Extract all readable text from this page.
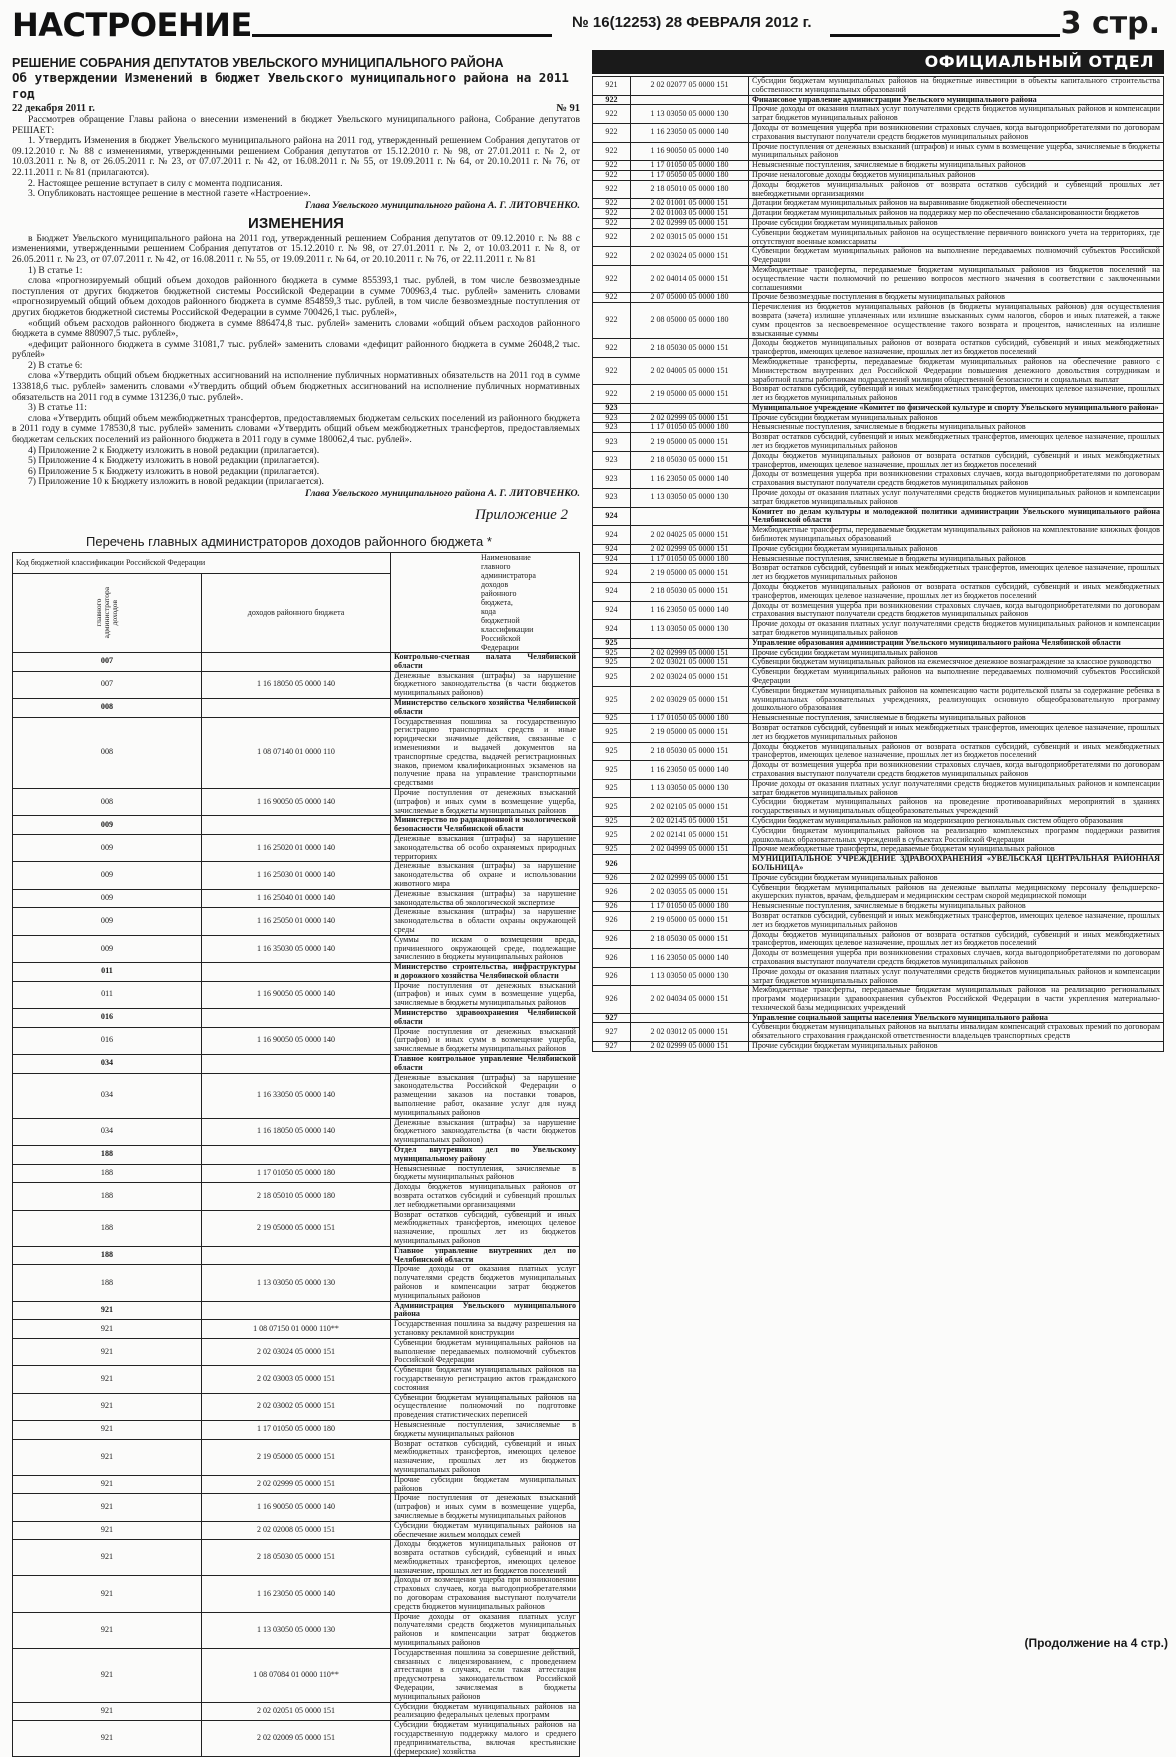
НАСТРОЕНИЕ	№ 16(12253) 28 ФЕВРАЛЯ 2012 г.	3 стр.
РЕШЕНИЕ СОБРАНИЯ ДЕПУТАТОВ УВЕЛЬСКОГО МУНИЦИПАЛЬНОГО РАЙОНА
Об утверждении Изменений в бюджет Увельского муниципального района на 2011 год
22 декабря 2011 г.	№ 91

Рассмотрев обращение Главы района о внесении изменений в бюджет Увельского муниципального района, Собрание депутатов РЕШАЕТ:

1. Утвердить Изменения в бюджет Увельского муниципального района на 2011 год, утвержденный решением Собрания депутатов от 09.12.2010 г. № 88 с изменениями, утвержденными решением Собрания депутатов от 15.12.2010 г. № 98, от 27.01.2011 г. № 2, от 10.03.2011 г. № 8, от 26.05.2011 г. № 23, от 07.07.2011 г. № 42, от 16.08.2011 г. № 55, от 19.09.2011 г. № 64, от 20.10.2011 г. № 76, от 22.11.2011 г. № 81 (прилагаются).

2. Настоящее решение вступает в силу с момента подписания.

3. Опубликовать настоящее решение в местной газете «Настроение».

Глава Увельского муниципального района А. Г. ЛИТОВЧЕНКО.
ИЗМЕНЕНИЯ

в Бюджет Увельского муниципального района на 2011 год, утвержденный решением Собрания депутатов от 09.12.2010 г. № 88 с изменениями, утвержденными решением Собрания депутатов от 15.12.2010 г. № 98, от 27.01.2011 г. № 2, от 10.03.2011 г. № 8, от 26.05.2011 г. № 23, от 07.07.2011 г. № 42, от 16.08.2011 г. № 55, от 19.09.2011 г. № 64, от 20.10.2011 г. № 76, от 22.11.2011 г. № 81

1) В статье 1:

слова «прогнозируемый общий объем доходов районного бюджета в сумме 855393,1 тыс. рублей, в том числе безвозмездные поступления от других бюджетов бюджетной системы Российской Федерации в сумме 700963,4 тыс. рублей» заменить словами «прогнозируемый общий объем доходов районного бюджета в сумме 854859,3 тыс. рублей, в том числе безвозмездные поступления от других бюджетов бюджетной системы Российской Федерации в сумме 700426,1 тыс. рублей»,

«общий объем расходов районного бюджета в сумме 886474,8 тыс. рублей» заменить словами «общий объем расходов районного бюджета в сумме 880907,5 тыс. рублей»,

«дефицит районного бюджета в сумме 31081,7 тыс. рублей» заменить словами «дефицит районного бюджета в сумме 26048,2 тыс. рублей»

2) В статье 6:

слова «Утвердить общий объем бюджетных ассигнований на исполнение публичных нормативных обязательств на 2011 год в сумме 133818,6 тыс. рублей» заменить словами «Утвердить общий объем бюджетных ассигнований на исполнение публичных нормативных обязательств на 2011 год в сумме 131236,0 тыс. рублей».

3) В статье 11:

слова «Утвердить общий объем межбюджетных трансфертов, предоставляемых бюджетам сельских поселений из районного бюджета в 2011 году в сумме 178530,8 тыс. рублей» заменить словами «Утвердить общий объем межбюджетных трансфертов, предоставляемых бюджетам сельских поселений из районного бюджета в 2011 году в сумме 180062,4 тыс. рублей».

4) Приложение 2 к Бюджету изложить в новой редакции (прилагается).

5) Приложение 4 к Бюджету изложить в новой редакции (прилагается).

6) Приложение 5 к Бюджету изложить в новой редакции (прилагается).

7) Приложение 10 к Бюджету изложить в новой редакции (прилагается).

Глава Увельского муниципального района А. Г. ЛИТОВЧЕНКО.
Приложение 2
Перечень главных администраторов доходов районного бюджета *
Код бюджетной классификации Российской Федерации		Наименование главного администратора доходов районного бюджета, кода бюджетной классификации Российской Федерации
главного администратора доходов	доходов районного бюджета	
007		Контрольно-счетная палата Челябинской области
007	1 16 18050 05 0000 140	Денежные взыскания (штрафы) за нарушение бюджетного законодательства (в части бюджетов муниципальных районов)
008		Министерство сельского хозяйства Челябинской области
008	1 08 07140 01 0000 110	Государственная пошлина за государственную регистрацию транспортных средств и иные юридически значимые действия, связанные с изменениями и выдачей документов на транспортные средства, выдачей регистрационных знаков, приемом квалификационных экзаменов на получение права на управление транспортными средствами
008	1 16 90050 05 0000 140	Прочие поступления от денежных взысканий (штрафов) и иных сумм в возмещение ущерба, зачисляемые в бюджеты муниципальных районов
009		Министерство по радиационной и экологической безопасности Челябинской области
009	1 16 25020 01 0000 140	Денежные взыскания (штрафы) за нарушение законодательства об особо охраняемых природных территориях
009	1 16 25030 01 0000 140	Денежные взыскания (штрафы) за нарушение законодательства об охране и использовании животного мира
009	1 16 25040 01 0000 140	Денежные взыскания (штрафы) за нарушение законодательства об экологической экспертизе
009	1 16 25050 01 0000 140	Денежные взыскания (штрафы) за нарушение законодательства в области охраны окружающей среды
009	1 16 35030 05 0000 140	Суммы по искам о возмещении вреда, причиненного окружающей среде, подлежащие зачислению в бюджеты муниципальных районов
011		Министерство строительства, инфраструктуры и дорожного хозяйства Челябинской области
011	1 16 90050 05 0000 140	Прочие поступления от денежных взысканий (штрафов) и иных сумм в возмещение ущерба, зачисляемые в бюджеты муниципальных районов
016		Министерство здравоохранения Челябинской области
016	1 16 90050 05 0000 140	Прочие поступления от денежных взысканий (штрафов) и иных сумм в возмещение ущерба, зачисляемые в бюджеты муниципальных районов
034		Главное контрольное управление Челябинской области
034	1 16 33050 05 0000 140	Денежные взыскания (штрафы) за нарушение законодательства Российской Федерации о размещении заказов на поставки товаров, выполнение работ, оказание услуг для нужд муниципальных районов
034	1 16 18050 05 0000 140	Денежные взыскания (штрафы) за нарушение бюджетного законодательства (в части бюджетов муниципальных районов)
188		Отдел внутренних дел по Увельскому муниципальному району
188	1 17 01050 05 0000 180	Невыясненные поступления, зачисляемые в бюджеты муниципальных районов
188	2 18 05010 05 0000 180	Доходы бюджетов муниципальных районов от возврата остатков субсидий и субвенций прошлых лет небюджетными организациями
188	2 19 05000 05 0000 151	Возврат остатков субсидий, субвенций и иных межбюджетных трансфертов, имеющих целевое назначение, прошлых лет из бюджетов муниципальных районов
188		Главное управление внутренних дел по Челябинской области
188	1 13 03050 05 0000 130	Прочие доходы от оказания платных услуг получателями средств бюджетов муниципальных районов и компенсации затрат бюджетов муниципальных районов
921		Администрация Увельского муниципального района
921	1 08 07150 01 0000 110**	Государственная пошлина за выдачу разрешения на установку рекламной конструкции
921	2 02 03024 05 0000 151	Субвенции бюджетам муниципальных районов на выполнение передаваемых полномочий субъектов Российской Федерации
921	2 02 03003 05 0000 151	Субвенции бюджетам муниципальных районов на государственную регистрацию актов гражданского состояния
921	2 02 03002 05 0000 151	Субвенции бюджетам муниципальных районов на осуществление полномочий по подготовке проведения статистических переписей
921	1 17 01050 05 0000 180	Невыясненные поступления, зачисляемые в бюджеты муниципальных районов
921	2 19 05000 05 0000 151	Возврат остатков субсидий, субвенций и иных межбюджетных трансфертов, имеющих целевое назначение, прошлых лет из бюджетов муниципальных районов
921	2 02 02999 05 0000 151	Прочие субсидии бюджетам муниципальных районов
921	1 16 90050 05 0000 140	Прочие поступления от денежных взысканий (штрафов) и иных сумм в возмещение ущерба, зачисляемые в бюджеты муниципальных районов
921	2 02 02008 05 0000 151	Субсидии бюджетам муниципальных районов на обеспечение жильем молодых семей
921	2 18 05030 05 0000 151	Доходы бюджетов муниципальных районов от возврата остатков субсидий, субвенций и иных межбюджетных трансфертов, имеющих целевое назначение, прошлых лет из бюджетов поселений
921	1 16 23050 05 0000 140	Доходы от возмещения ущерба при возникновении страховых случаев, когда выгодоприобретателями по договорам страхования выступают получатели средств бюджетов муниципальных районов
921	1 13 03050 05 0000 130	Прочие доходы от оказания платных услуг получателями средств бюджетов муниципальных районов и компенсации затрат бюджетов муниципальных районов
921	1 08 07084 01 0000 110**	Государственная пошлина за совершение действий, связанных с лицензированием, с проведением аттестации в случаях, если такая аттестация предусмотрена законодательством Российской Федерации, зачисляемая в бюджеты муниципальных районов
921	2 02 02051 05 0000 151	Субсидии бюджетам муниципальных районов на реализацию федеральных целевых программ
921	2 02 02009 05 0000 151	Субсидии бюджетам муниципальных районов на государственную поддержку малого и среднего предпринимательства, включая крестьянские (фермерские) хозяйства
ОФИЦИАЛЬНЫЙ ОТДЕЛ
921	2 02 02077 05 0000 151	Субсидии бюджетам муниципальных районов на бюджетные инвестиции в объекты капитального строительства собственности муниципальных образований
922		Финансовое управление администрации Увельского муниципального района
922	1 13 03050 05 0000 130	Прочие доходы от оказания платных услуг получателями средств бюджетов муниципальных районов и компенсации затрат бюджетов муниципальных районов
922	1 16 23050 05 0000 140	Доходы от возмещения ущерба при возникновении страховых случаев, когда выгодоприобретателями по договорам страхования выступают получатели средств бюджетов муниципальных районов
922	1 16 90050 05 0000 140	Прочие поступления от денежных взысканий (штрафов) и иных сумм в возмещение ущерба, зачисляемые в бюджеты муниципальных районов
922	1 17 01050 05 0000 180	Невыясненные поступления, зачисляемые в бюджеты муниципальных районов
922	1 17 05050 05 0000 180	Прочие неналоговые доходы бюджетов муниципальных районов
922	2 18 05010 05 0000 180	Доходы бюджетов муниципальных районов от возврата остатков субсидий и субвенций прошлых лет внебюджетными организациями
922	2 02 01001 05 0000 151	Дотации бюджетам муниципальных районов на выравнивание бюджетной обеспеченности
922	2 02 01003 05 0000 151	Дотации бюджетам муниципальных районов на поддержку мер по обеспечению сбалансированности бюджетов
922	2 02 02999 05 0000 151	Прочие субсидии бюджетам муниципальных районов
922	2 02 03015 05 0000 151	Субвенции бюджетам муниципальных районов на осуществление первичного воинского учета на территориях, где отсутствуют военные комиссариаты
922	2 02 03024 05 0000 151	Субвенции бюджетам муниципальных районов на выполнение передаваемых полномочий субъектов Российской Федерации
922	2 02 04014 05 0000 151	Межбюджетные трансферты, передаваемые бюджетам муниципальных районов из бюджетов поселений на осуществление части полномочий по решению вопросов местного значения в соответствии с заключенными соглашениями
922	2 07 05000 05 0000 180	Прочие безвозмездные поступления в бюджеты муниципальных районов
922	2 08 05000 05 0000 180	Перечисления из бюджетов муниципальных районов (в бюджеты муниципальных районов) для осуществления возврата (зачета) излишне уплаченных или излишне взысканных сумм налогов, сборов и иных платежей, а также сумм процентов за несвоевременное осуществление такого возврата и процентов, начисленных на излишне взысканные суммы
922	2 18 05030 05 0000 151	Доходы бюджетов муниципальных районов от возврата остатков субсидий, субвенций и иных межбюджетных трансфертов, имеющих целевое назначение, прошлых лет из бюджетов поселений
922	2 02 04005 05 0000 151	Межбюджетные трансферты, передаваемые бюджетам муниципальных районов на обеспечение равного с Министерством внутренних дел Российской Федерации повышения денежного довольствия сотрудникам и заработной платы работникам подразделений милиции общественной безопасности и социальных выплат
922	2 19 05000 05 0000 151	Возврат остатков субсидий, субвенций и иных межбюджетных трансфертов, имеющих целевое назначение, прошлых лет из бюджетов муниципальных районов
923		Муниципальное учреждение «Комитет по физической культуре и спорту Увельского муниципального района»
923	2 02 02999 05 0000 151	Прочие субсидии бюджетам муниципальных районов
923	1 17 01050 05 0000 180	Невыясненные поступления, зачисляемые в бюджеты муниципальных районов
923	2 19 05000 05 0000 151	Возврат остатков субсидий, субвенций и иных межбюджетных трансфертов, имеющих целевое назначение, прошлых лет из бюджетов муниципальных районов
923	2 18 05030 05 0000 151	Доходы бюджетов муниципальных районов от возврата остатков субсидий, субвенций и иных межбюджетных трансфертов, имеющих целевое назначение, прошлых лет из бюджетов поселений
923	1 16 23050 05 0000 140	Доходы от возмещения ущерба при возникновении страховых случаев, когда выгодоприобретателями по договорам страхования выступают получатели средств бюджетов муниципальных районов
923	1 13 03050 05 0000 130	Прочие доходы от оказания платных услуг получателями средств бюджетов муниципальных районов и компенсации затрат бюджетов муниципальных районов
924		Комитет по делам культуры и молодежной политики администрации Увельского муниципального района Челябинской области
924	2 02 04025 05 0000 151	Межбюджетные трансферты, передаваемые бюджетам муниципальных районов на комплектование книжных фондов библиотек муниципальных образований
924	2 02 02999 05 0000 151	Прочие субсидии бюджетам муниципальных районов
924	1 17 01050 05 0000 180	Невыясненные поступления, зачисляемые в бюджеты муниципальных районов
924	2 19 05000 05 0000 151	Возврат остатков субсидий, субвенций и иных межбюджетных трансфертов, имеющих целевое назначение, прошлых лет из бюджетов муниципальных районов
924	2 18 05030 05 0000 151	Доходы бюджетов муниципальных районов от возврата остатков субсидий, субвенций и иных межбюджетных трансфертов, имеющих целевое назначение, прошлых лет из бюджетов поселений
924	1 16 23050 05 0000 140	Доходы от возмещения ущерба при возникновении страховых случаев, когда выгодоприобретателями по договорам страхования выступают получатели средств бюджетов муниципальных районов
924	1 13 03050 05 0000 130	Прочие доходы от оказания платных услуг получателями средств бюджетов муниципальных районов и компенсации затрат бюджетов муниципальных районов
925		Управление образования администрации Увельского муниципального района Челябинской области
925	2 02 02999 05 0000 151	Прочие субсидии бюджетам муниципальных районов
925	2 02 03021 05 0000 151	Субвенции бюджетам муниципальных районов на ежемесячное денежное вознаграждение за классное руководство
925	2 02 03024 05 0000 151	Субвенции бюджетам муниципальных районов на выполнение передаваемых полномочий субъектов Российской Федерации
925	2 02 03029 05 0000 151	Субвенции бюджетам муниципальных районов на компенсацию части родительской платы за содержание ребенка в муниципальных образовательных учреждениях, реализующих основную общеобразовательную программу дошкольного образования
925	1 17 01050 05 0000 180	Невыясненные поступления, зачисляемые в бюджеты муниципальных районов
925	2 19 05000 05 0000 151	Возврат остатков субсидий, субвенций и иных межбюджетных трансфертов, имеющих целевое назначение, прошлых лет из бюджетов муниципальных районов
925	2 18 05030 05 0000 151	Доходы бюджетов муниципальных районов от возврата остатков субсидий, субвенций и иных межбюджетных трансфертов, имеющих целевое назначение, прошлых лет из бюджетов поселений
925	1 16 23050 05 0000 140	Доходы от возмещения ущерба при возникновении страховых случаев, когда выгодоприобретателями по договорам страхования выступают получатели средств бюджетов муниципальных районов
925	1 13 03050 05 0000 130	Прочие доходы от оказания платных услуг получателями средств бюджетов муниципальных районов и компенсации затрат бюджетов муниципальных районов
925	2 02 02105 05 0000 151	Субсидии бюджетам муниципальных районов на проведение противоаварийных мероприятий в зданиях государственных и муниципальных общеобразовательных учреждений
925	2 02 02145 05 0000 151	Субсидии бюджетам муниципальных районов на модернизацию региональных систем общего образования
925	2 02 02141 05 0000 151	Субсидии бюджетам муниципальных районов на реализацию комплексных программ поддержки развития дошкольных образовательных учреждений в субъектах Российской Федерации
925	2 02 04999 05 0000 151	Прочие межбюджетные трансферты, передаваемые бюджетам муниципальных районов
926		МУНИЦИПАЛЬНОЕ УЧРЕЖДЕНИЕ ЗДРАВООХРАНЕНИЯ «УВЕЛЬСКАЯ ЦЕНТРАЛЬНАЯ РАЙОННАЯ БОЛЬНИЦА»
926	2 02 02999 05 0000 151	Прочие субсидии бюджетам муниципальных районов
926	2 02 03055 05 0000 151	Субвенции бюджетам муниципальных районов на денежные выплаты медицинскому персоналу фельдшерско-акушерских пунктов, врачам, фельдшерам и медицинским сестрам скорой медицинской помощи
926	1 17 01050 05 0000 180	Невыясненные поступления, зачисляемые в бюджеты муниципальных районов
926	2 19 05000 05 0000 151	Возврат остатков субсидий, субвенций и иных межбюджетных трансфертов, имеющих целевое назначение, прошлых лет из бюджетов муниципальных районов
926	2 18 05030 05 0000 151	Доходы бюджетов муниципальных районов от возврата остатков субсидий, субвенций и иных межбюджетных трансфертов, имеющих целевое назначение, прошлых лет из бюджетов поселений
926	1 16 23050 05 0000 140	Доходы от возмещения ущерба при возникновении страховых случаев, когда выгодоприобретателями по договорам страхования выступают получатели средств бюджетов муниципальных районов
926	1 13 03050 05 0000 130	Прочие доходы от оказания платных услуг получателями средств бюджетов муниципальных районов и компенсации затрат бюджетов муниципальных районов
926	2 02 04034 05 0000 151	Межбюджетные трансферты, передаваемые бюджетам муниципальных районов на реализацию региональных программ модернизации здравоохранения субъектов Российской Федерации в части укрепления материально-технической базы медицинских учреждений
927		Управление социальной защиты населения Увельского муниципального района
927	2 02 03012 05 0000 151	Субвенции бюджетам муниципальных районов на выплаты инвалидам компенсаций страховых премий по договорам обязательного страхования гражданской ответственности владельцев транспортных средств
927	2 02 02999 05 0000 151	Прочие субсидии бюджетам муниципальных районов
(Продолжение на 4 стр.)
